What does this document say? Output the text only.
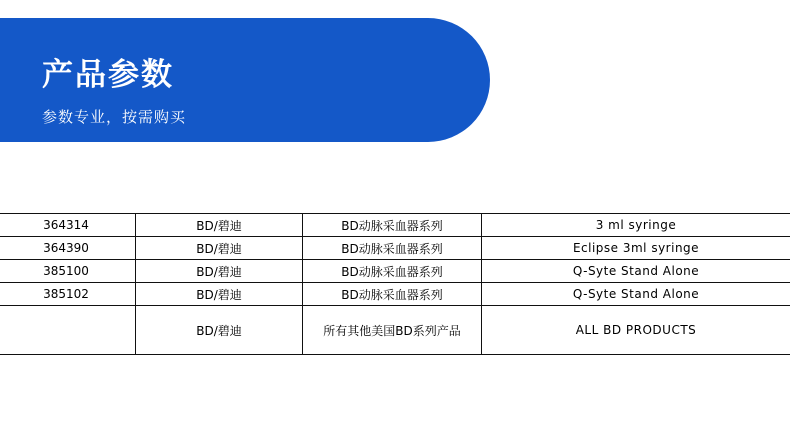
产品参数
参数专业，按需购买
364314	BD/碧迪	BD动脉采血器系列	3 ml syringe
364390	BD/碧迪	BD动脉采血器系列	Eclipse 3ml syringe
385100	BD/碧迪	BD动脉采血器系列	Q-Syte Stand Alone
385102	BD/碧迪	BD动脉采血器系列	Q-Syte Stand Alone
	BD/碧迪	所有其他美国BD系列产品	ALL BD PRODUCTS
